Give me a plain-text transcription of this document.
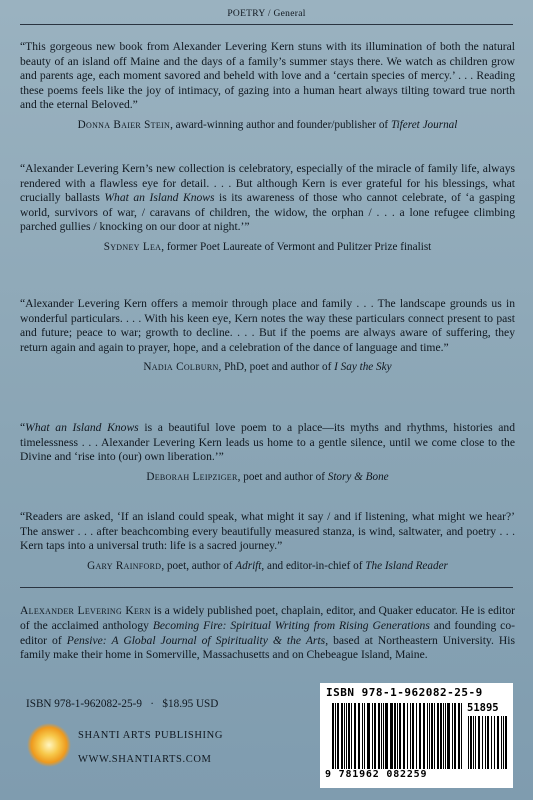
POETRY / General

“This gorgeous new book from Alexander Levering Kern stuns with its illumination of both the natural beauty of an island off Maine and the days of a family’s summer stays there. We watch as children grow and parents age, each moment savored and beheld with love and a ‘certain species of mercy.’ . . . Reading these poems feels like the joy of intimacy, of gazing into a human heart always tilting toward true north and the eternal Beloved.”

Donna Baier Stein, award-winning author and founder/publisher of Tiferet Journal

“Alexander Levering Kern’s new collection is celebratory, especially of the miracle of family life, always rendered with a flawless eye for detail. . . . But although Kern is ever grateful for his blessings, what crucially ballasts What an Island Knows is its awareness of those who cannot celebrate, of ‘a gasping world, survivors of war, / caravans of children, the widow, the orphan / . . . a lone refugee climbing parched gullies / knocking on our door at night.’”

Sydney Lea, former Poet Laureate of Vermont and Pulitzer Prize finalist

“Alexander Levering Kern offers a memoir through place and family . . . The landscape grounds us in wonderful particulars. . . . With his keen eye, Kern notes the way these particulars connect present to past and future; peace to war; growth to decline. . . . But if the poems are always aware of suffering, they return again and again to prayer, hope, and a celebration of the dance of language and time.”

Nadia Colburn, PhD, poet and author of I Say the Sky

“What an Island Knows is a beautiful love poem to a place—its myths and rhythms, histories and timelessness . . . Alexander Levering Kern leads us home to a gentle silence, until we come close to the Divine and ‘rise into (our) own liberation.’”

Deborah Leipziger, poet and author of Story & Bone

“Readers are asked, ‘If an island could speak, what might it say / and if listening, what might we hear?’ The answer . . . after beachcombing every beautifully measured stanza, is wind, saltwater, and poetry . . . Kern taps into a universal truth: life is a sacred journey.”

Gary Rainford, poet, author of Adrift, and editor-in-chief of The Island Reader

Alexander Levering Kern is a widely published poet, chaplain, editor, and Quaker educator. He is editor of the acclaimed anthology Becoming Fire: Spiritual Writing from Rising Generations and founding co-editor of Pensive: A Global Journal of Spirituality & the Arts, based at Northeastern University. His family make their home in Somerville, Massachusetts and on Chebeague Island, Maine.

ISBN 978-1-962082-25-9   ·   $18.95 USD
SHANTI ARTS PUBLISHING
WWW.SHANTIARTS.COM
ISBN 978-1-962082-25-9
51895
9 781962 082259
